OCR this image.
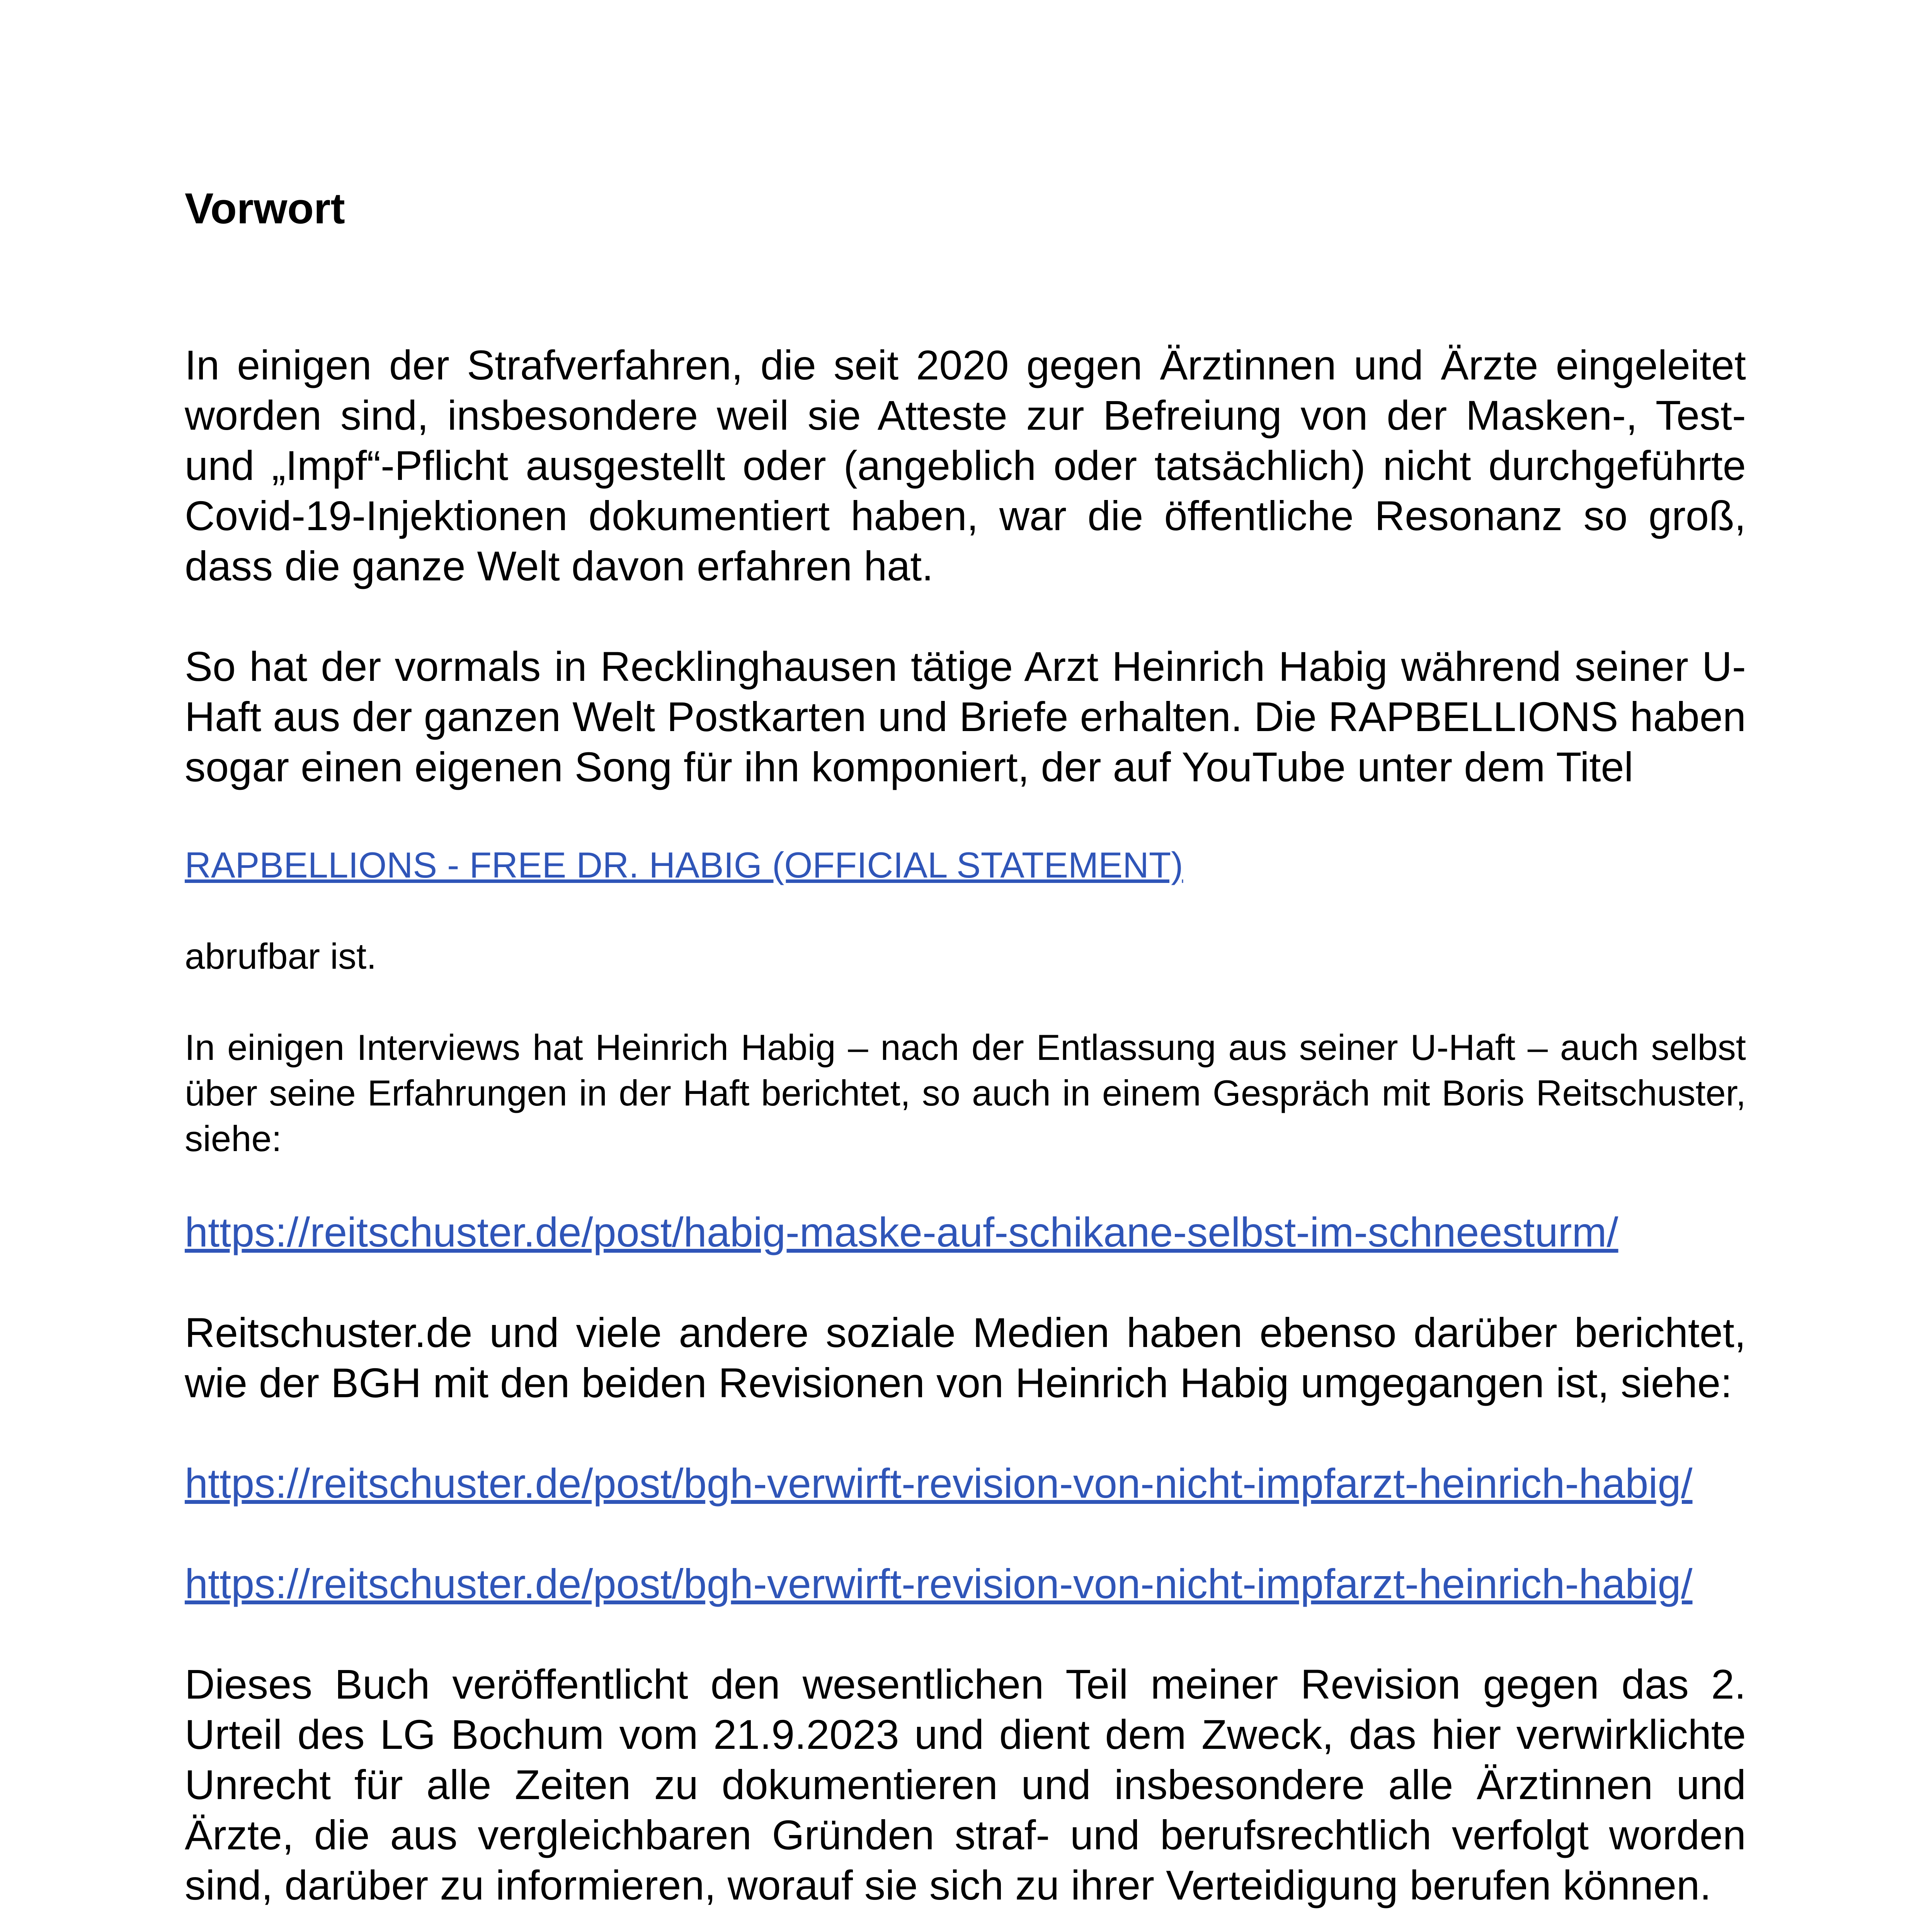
Vorwort

In einigen der Strafverfahren, die seit 2020 gegen Ärztinnen und Ärzte eingeleitet worden sind, insbesondere weil sie Atteste zur Befreiung von der Masken-, Test- und „Impf“-Pflicht ausgestellt oder (angeblich oder tatsächlich) nicht durchgeführte Covid-19-Injektionen dokumentiert haben, war die öffentliche Resonanz so groß, dass die ganze Welt davon erfahren hat.

So hat der vormals in Recklinghausen tätige Arzt Heinrich Habig während seiner U-Haft aus der ganzen Welt Postkarten und Briefe erhalten. Die RAPBELLIONS haben sogar einen eigenen Song für ihn komponiert, der auf YouTube unter dem Titel

RAPBELLIONS - FREE DR. HABIG (OFFICIAL STATEMENT)

abrufbar ist.

In einigen Interviews hat Heinrich Habig – nach der Entlassung aus seiner U-Haft – auch selbst über seine Erfahrungen in der Haft berichtet, so auch in einem Gespräch mit Boris Reitschuster, siehe:

https://reitschuster.de/post/habig-maske-auf-schikane-selbst-im-schneesturm/

Reitschuster.de und viele andere soziale Medien haben ebenso darüber berichtet, wie der BGH mit den beiden Revisionen von Heinrich Habig umgegangen ist, siehe:

https://reitschuster.de/post/bgh-verwirft-revision-von-nicht-impfarzt-heinrich-habig/

https://reitschuster.de/post/bgh-verwirft-revision-von-nicht-impfarzt-heinrich-habig/

Dieses Buch veröffentlicht den wesentlichen Teil meiner Revision gegen das 2. Urteil des LG Bochum vom 21.9.2023 und dient dem Zweck, das hier verwirklichte Unrecht für alle Zeiten zu dokumentieren und insbesondere alle Ärztinnen und Ärzte, die aus vergleichbaren Gründen straf- und berufsrechtlich verfolgt worden sind, darüber zu informieren, worauf sie sich zu ihrer Verteidigung berufen können.
